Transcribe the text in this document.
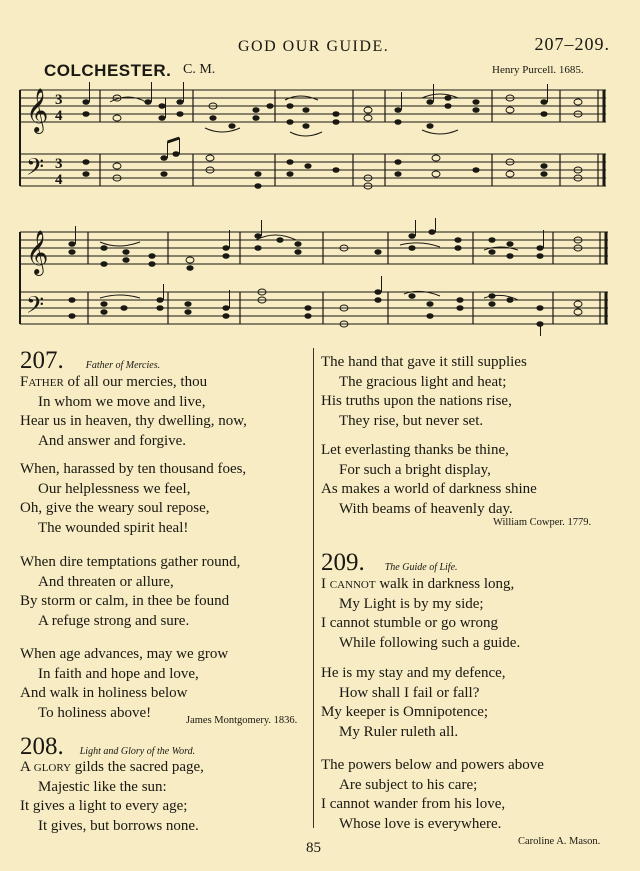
GOD OUR GUIDE.	207–209.
COLCHESTER. C. M.	Henry Purcell. 1685.
𝄞
𝄢
𝄞
𝄢
3
4
3
4
207. Father of Mercies.
Father of all our mercies, thou
In whom we move and live,
Hear us in heaven, thy dwelling, now,
And answer and forgive.
When, harassed by ten thousand foes,
Our helplessness we feel,
Oh, give the weary soul repose,
The wounded spirit heal!
When dire temptations gather round,
And threaten or allure,
By storm or calm, in thee be found
A refuge strong and sure.
When age advances, may we grow
In faith and hope and love,
And walk in holiness below
To holiness above!	James Montgomery. 1836.
208. Light and Glory of the Word.
A glory gilds the sacred page,
Majestic like the sun:
It gives a light to every age;
It gives, but borrows none.
The hand that gave it still supplies
The gracious light and heat;
His truths upon the nations rise,
They rise, but never set.
Let everlasting thanks be thine,
For such a bright display,
As makes a world of darkness shine
With beams of heavenly day.
William Cowper. 1779.
209. The Guide of Life.
I cannot walk in darkness long,
My Light is by my side;
I cannot stumble or go wrong
While following such a guide.
He is my stay and my defence,
How shall I fail or fall?
My keeper is Omnipotence;
My Ruler ruleth all.
The powers below and powers above
Are subject to his care;
I cannot wander from his love,
Whose love is everywhere.
Caroline A. Mason.
85
